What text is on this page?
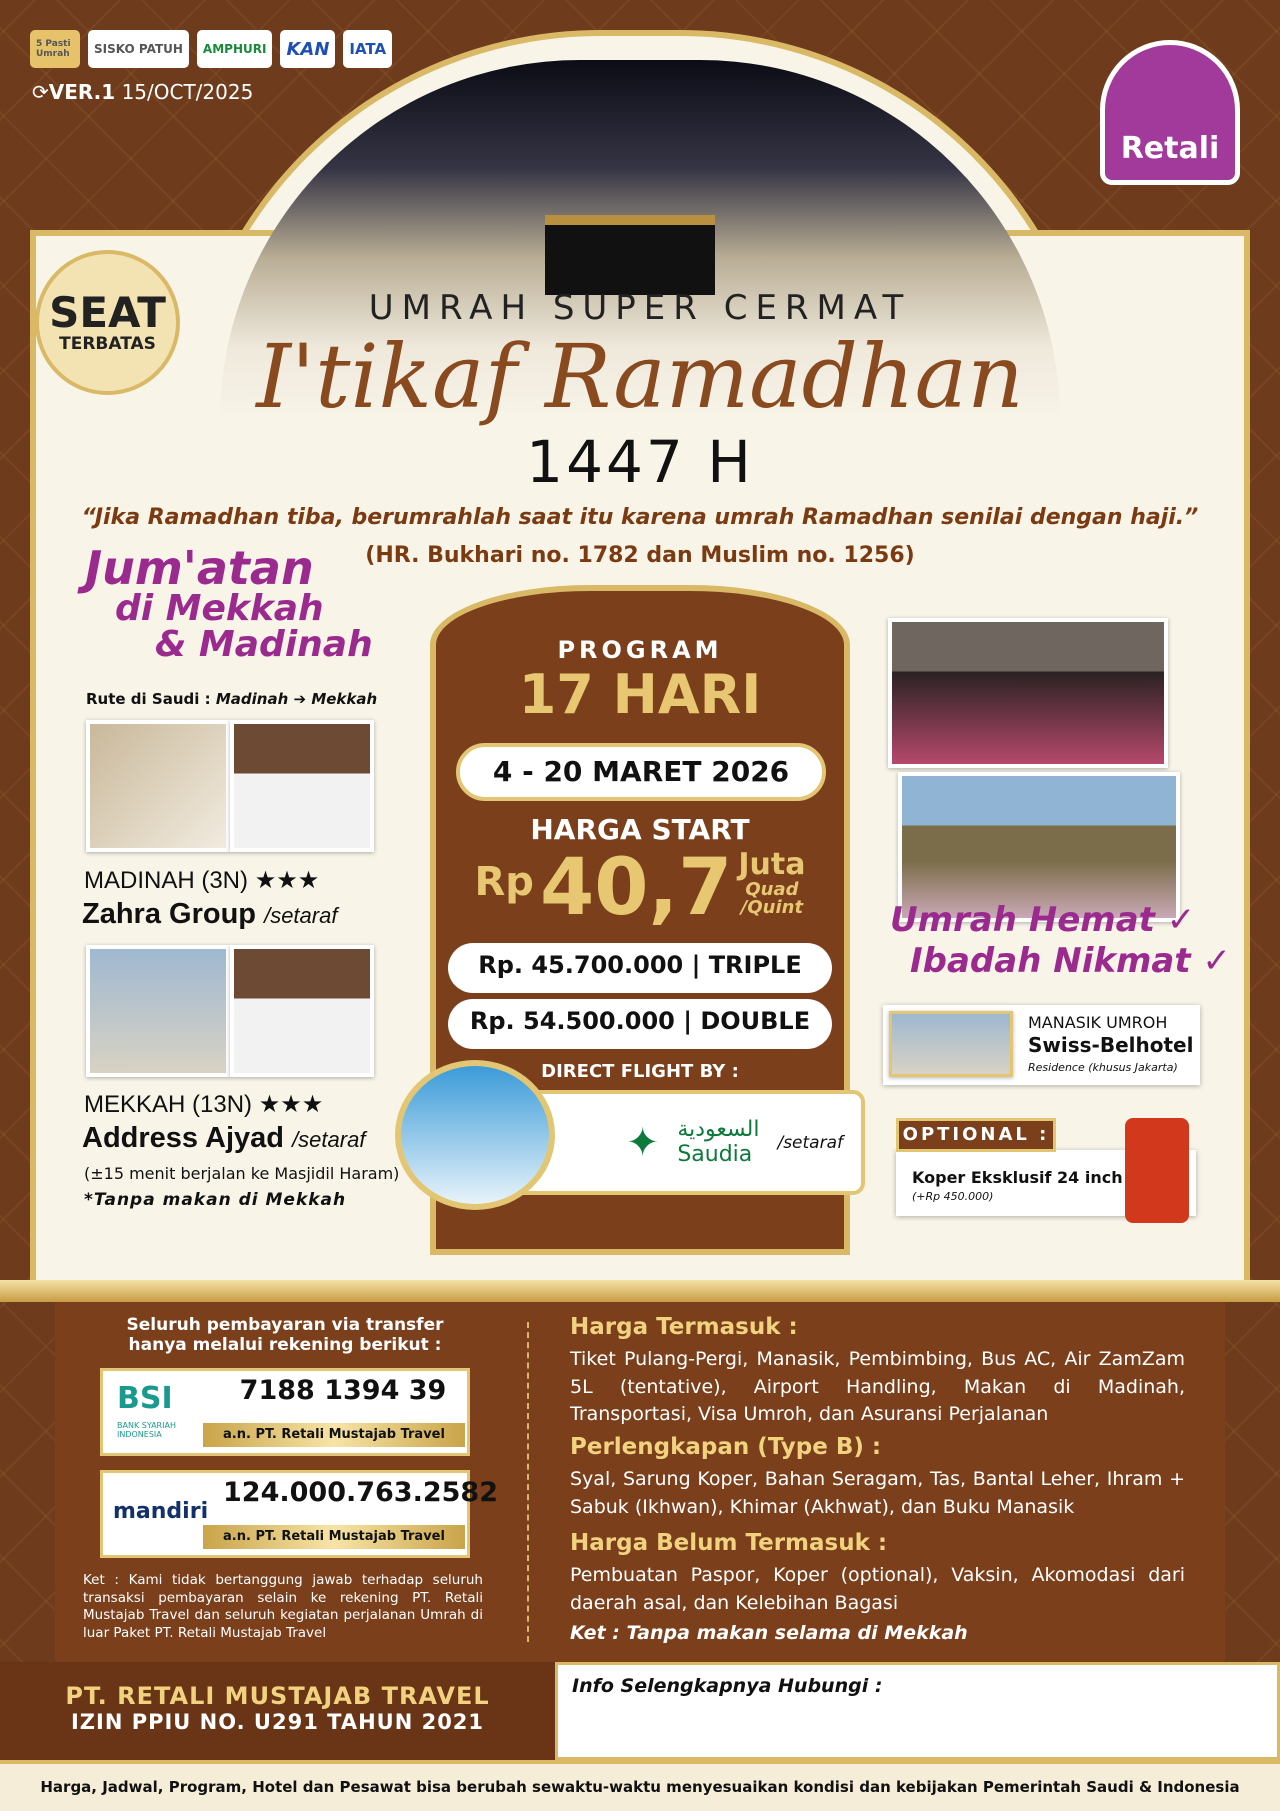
5 Pasti Umrah	SISKO PATUH	AMPHURI	KAN	IATA
⟳VER.1 15/OCT/2025
Retali
SEAT
TERBATAS
UMRAH SUPER CERMAT
I'tikaf Ramadhan
1447 H
“Jika Ramadhan tiba, berumrahlah saat itu karena umrah Ramadhan senilai dengan haji.”
(HR. Bukhari no. 1782 dan Muslim no. 1256)
Jum'atan
di Mekkah
& Madinah
Rute di Saudi : Madinah ➔ Mekkah
MADINAH (3N) ★★★
Zahra Group /setaraf
MEKKAH (13N) ★★★
Address Ajyad /setaraf
(±15 menit berjalan ke Masjidil Haram)
*Tanpa makan di Mekkah
PROGRAM
17 HARI
4 - 20 MARET 2026
HARGA START
Rp 40,7 Juta
Quad
/Quint
Rp. 45.700.000 | TRIPLE
Rp. 54.500.000 | DOUBLE
DIRECT FLIGHT BY :
✦ السعودية
Saudia	/setaraf
Umrah Hemat ✓
Ibadah Nikmat ✓
MANASIK UMROH
Swiss-Belhotel
Residence (khusus Jakarta)
Koper Eksklusif 24 inch
(+Rp 450.000)
OPTIONAL :
Seluruh pembayaran via transfer hanya melalui rekening berikut :
BSI
BANK SYARIAH INDONESIA
7188 1394 39
a.n. PT. Retali Mustajab Travel
mandiri
124.000.763.2582
a.n. PT. Retali Mustajab Travel
Ket : Kami tidak bertanggung jawab terhadap seluruh transaksi pembayaran selain ke rekening PT. Retali Mustajab Travel dan seluruh kegiatan perjalanan Umrah di luar Paket PT. Retali Mustajab Travel
Harga Termasuk :
Tiket Pulang-Pergi, Manasik, Pembimbing, Bus AC, Air ZamZam 5L (tentative), Airport Handling, Makan di Madinah, Transportasi, Visa Umroh, dan Asuransi Perjalanan
Perlengkapan (Type B) :
Syal, Sarung Koper, Bahan Seragam, Tas, Bantal Leher, Ihram + Sabuk (Ikhwan), Khimar (Akhwat), dan Buku Manasik
Harga Belum Termasuk :
Pembuatan Paspor, Koper (optional), Vaksin, Akomodasi dari daerah asal, dan Kelebihan Bagasi
Ket : Tanpa makan selama di Mekkah
PT. RETALI MUSTAJAB TRAVEL
IZIN PPIU NO. U291 TAHUN 2021
Info Selengkapnya Hubungi :
Harga, Jadwal, Program, Hotel dan Pesawat bisa berubah sewaktu-waktu menyesuaikan kondisi dan kebijakan Pemerintah Saudi & Indonesia
